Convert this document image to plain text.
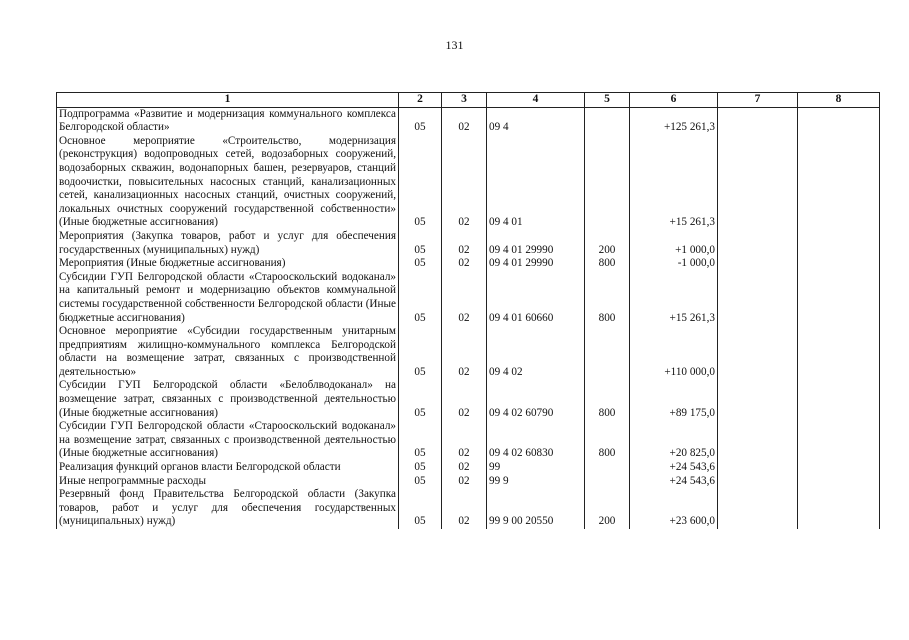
131
1	2	3	4	5	6	7	8
Подпрограмма «Развитие и модернизация коммунального комплекса Белгородской области»	05	02	09 4		+125 261,3		
Основное мероприятие «Строительство, модернизация (реконструкция) водопроводных сетей, водозаборных сооружений, водозаборных скважин, водонапорных башен, резервуаров, станций водоочистки, повысительных насосных станций, канализационных сетей, канализационных насосных станций, очистных сооружений, локальных очистных сооружений государственной собственности» (Иные бюджетные ассигнования)	05	02	09 4 01		+15 261,3		
Мероприятия (Закупка товаров, работ и услуг для обеспечения государственных (муниципальных) нужд)	05	02	09 4 01 29990	200	+1 000,0		
Мероприятия (Иные бюджетные ассигнования)	05	02	09 4 01 29990	800	-1 000,0		
Субсидии ГУП Белгородской области «Старооскольский водоканал» на капитальный ремонт и модернизацию объектов коммунальной системы государственной собственности Белгородской области (Иные бюджетные ассигнования)	05	02	09 4 01 60660	800	+15 261,3		
Основное мероприятие «Субсидии государственным унитарным предприятиям жилищно-коммунального комплекса Белгородской области на возмещение затрат, связанных с производственной деятельностью»	05	02	09 4 02		+110 000,0		
Субсидии ГУП Белгородской области «Белоблводоканал» на возмещение затрат, связанных с производственной деятельностью (Иные бюджетные ассигнования)	05	02	09 4 02 60790	800	+89 175,0		
Субсидии ГУП Белгородской области «Старооскольский водоканал» на возмещение затрат, связанных с производственной деятельностью (Иные бюджетные ассигнования)	05	02	09 4 02 60830	800	+20 825,0		
Реализация функций органов власти Белгородской области	05	02	99		+24 543,6		
Иные непрограммные расходы	05	02	99 9		+24 543,6		
Резервный фонд Правительства Белгородской области (Закупка товаров, работ и услуг для обеспечения государственных (муниципальных) нужд)	05	02	99 9 00 20550	200	+23 600,0		
